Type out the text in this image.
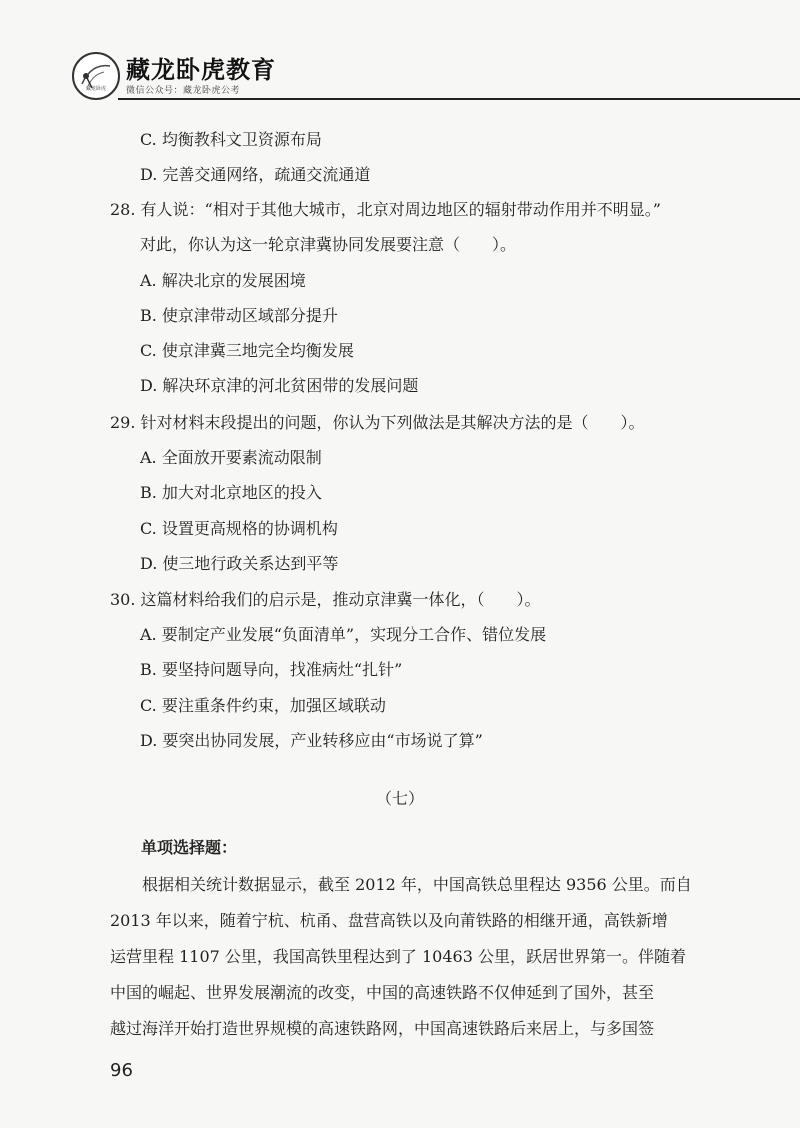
藏龙卧虎
藏龙卧虎教育
微信公众号：藏龙卧虎公考
C. 均衡教科文卫资源布局
D. 完善交通网络，疏通交流通道
28. 有人说：“相对于其他大城市，北京对周边地区的辐射带动作用并不明显。”
对此，你认为这一轮京津冀协同发展要注意（　　）。
A. 解决北京的发展困境
B. 使京津带动区域部分提升
C. 使京津冀三地完全均衡发展
D. 解决环京津的河北贫困带的发展问题
29. 针对材料末段提出的问题，你认为下列做法是其解决方法的是（　　）。
A. 全面放开要素流动限制
B. 加大对北京地区的投入
C. 设置更高规格的协调机构
D. 使三地行政关系达到平等
30. 这篇材料给我们的启示是，推动京津冀一体化，（　　）。
A. 要制定产业发展“负面清单”，实现分工合作、错位发展
B. 要坚持问题导向，找准病灶“扎针”
C. 要注重条件约束，加强区域联动
D. 要突出协同发展，产业转移应由“市场说了算”
（七）
单项选择题：
　　根据相关统计数据显示，截至 2012 年，中国高铁总里程达 9356 公里。而自
2013 年以来，随着宁杭、杭甬、盘营高铁以及向莆铁路的相继开通，高铁新增
运营里程 1107 公里，我国高铁里程达到了 10463 公里，跃居世界第一。伴随着
中国的崛起、世界发展潮流的改变，中国的高速铁路不仅伸延到了国外，甚至
越过海洋开始打造世界规模的高速铁路网，中国高速铁路后来居上，与多国签
96
